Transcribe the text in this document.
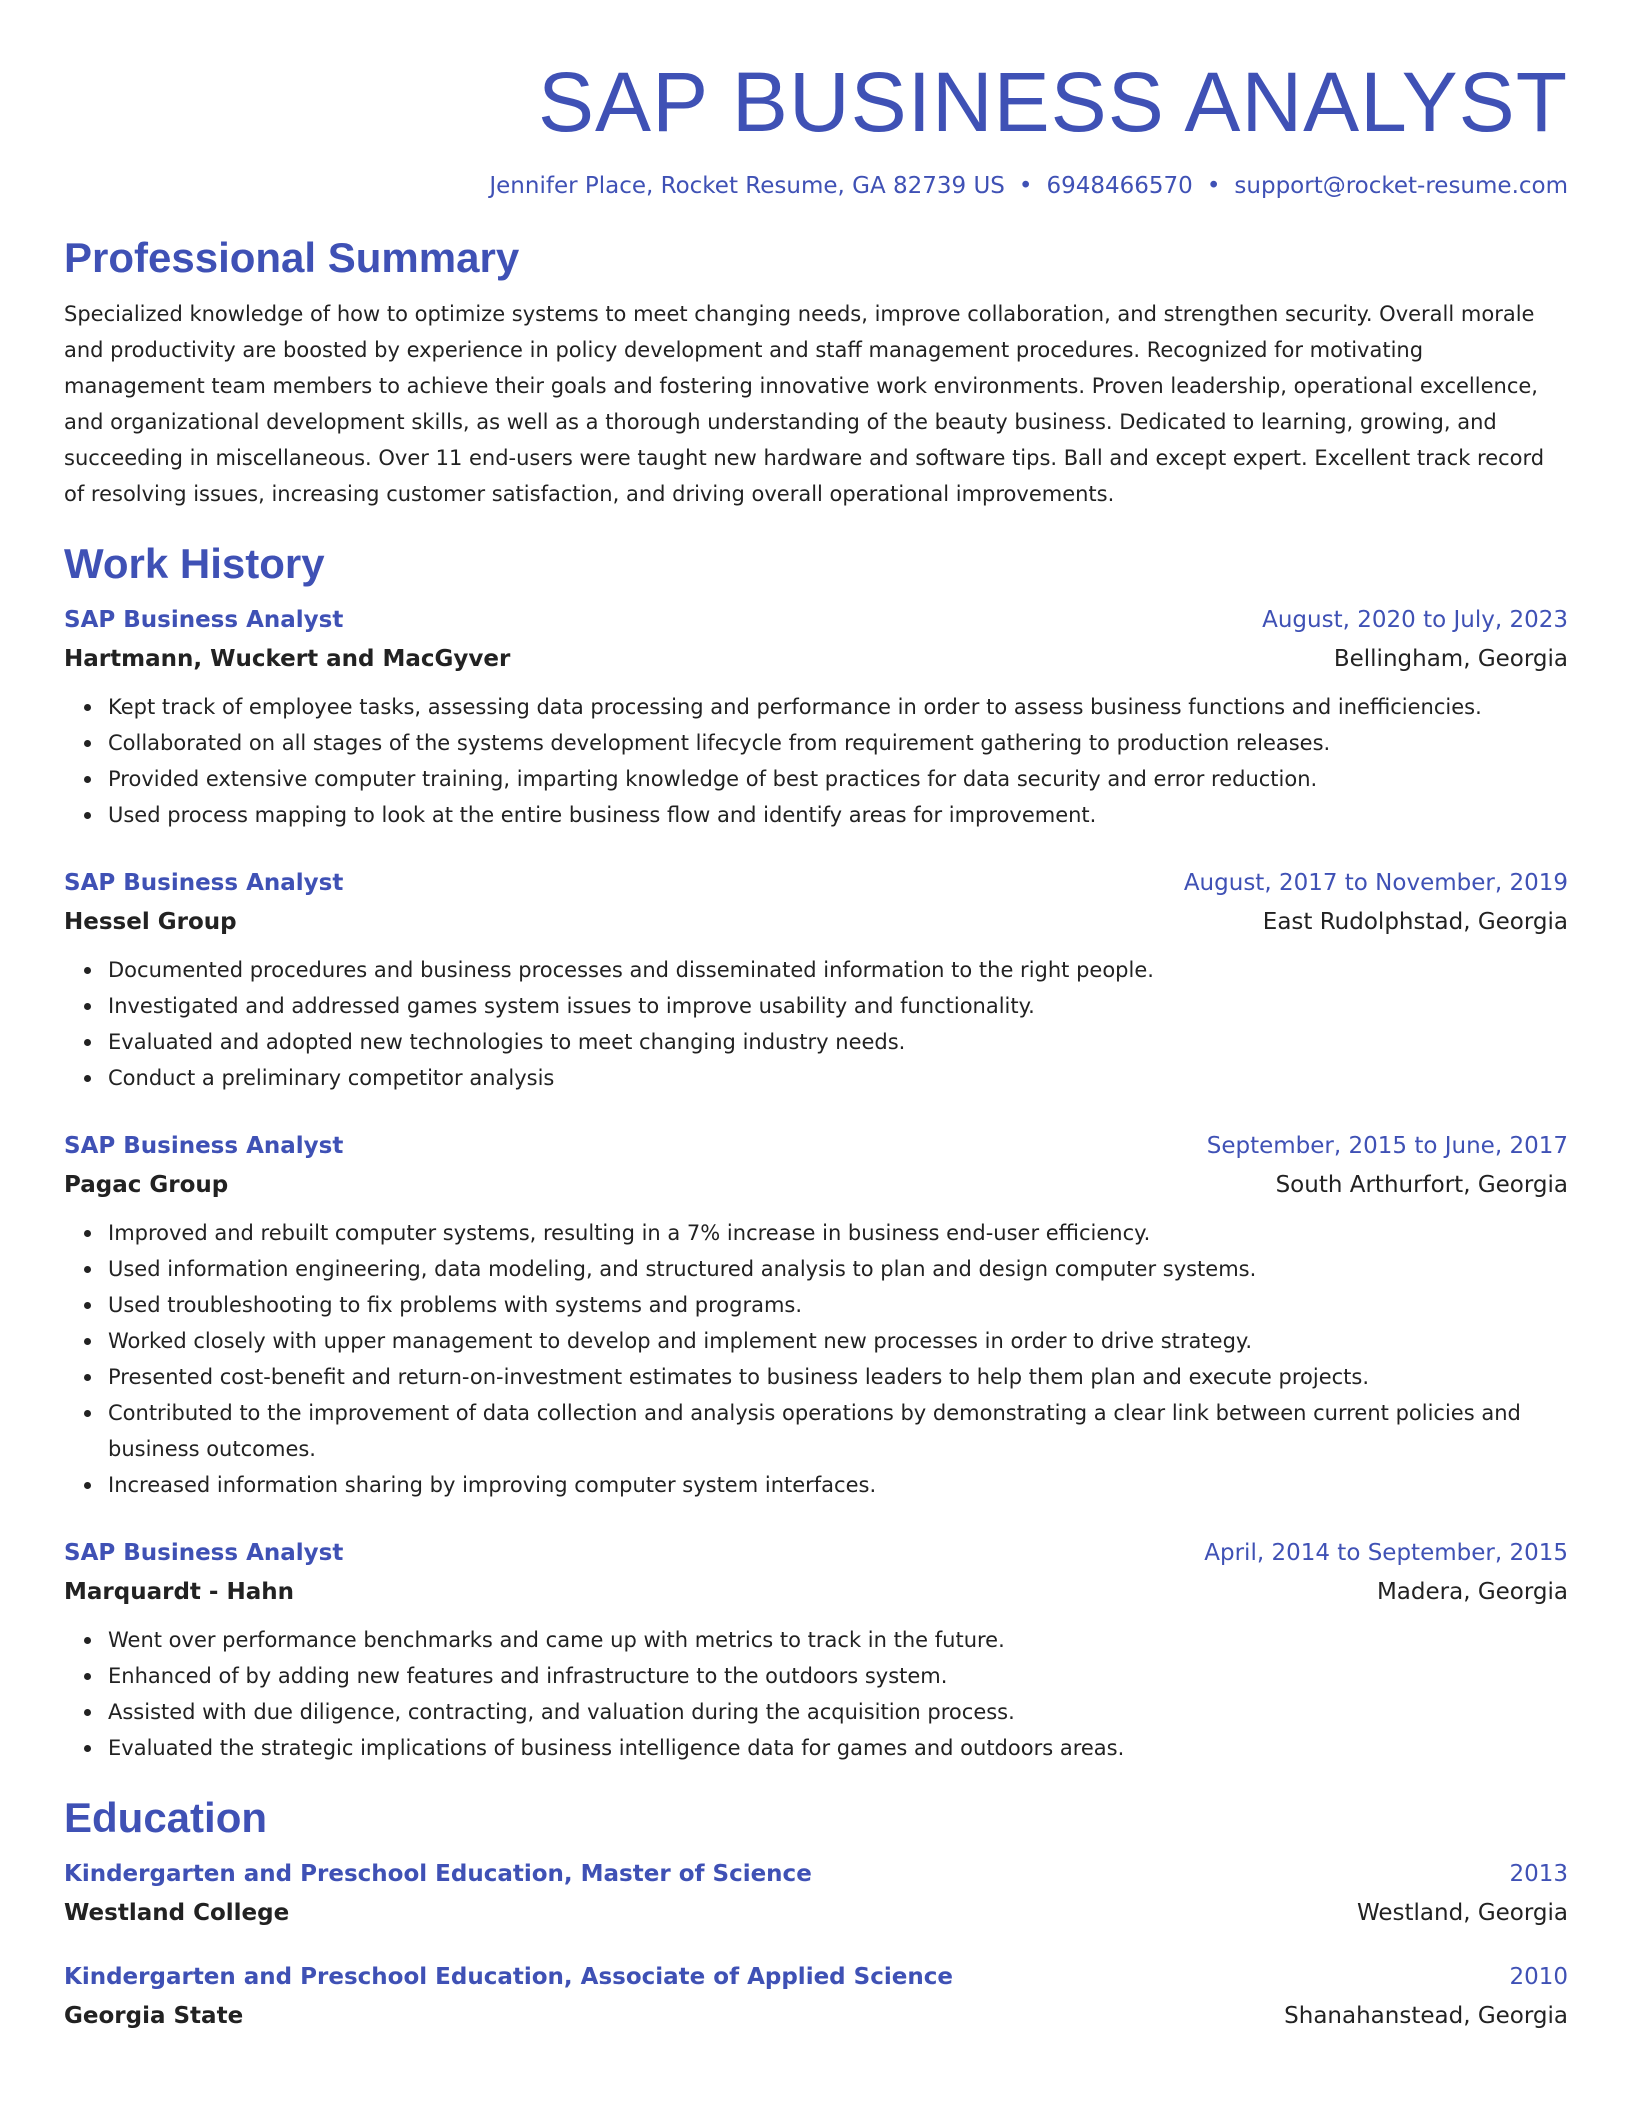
SAP BUSINESS ANALYST
Jennifer Place, Rocket Resume, GA 82739 US • 6948466570 • support@rocket-resume.com
Professional Summary
Specialized knowledge of how to optimize systems to meet changing needs, improve collaboration, and strengthen security. Overall morale and productivity are boosted by experience in policy development and staff management procedures. Recognized for motivating management team members to achieve their goals and fostering innovative work environments. Proven leadership, operational excellence, and organizational development skills, as well as a thorough understanding of the beauty business. Dedicated to learning, growing, and succeeding in miscellaneous. Over 11 end-users were taught new hardware and software tips. Ball and except expert. Excellent track record of resolving issues, increasing customer satisfaction, and driving overall operational improvements.
Work History
SAP Business Analyst	August, 2020 to July, 2023
Hartmann, Wuckert and MacGyver	Bellingham, Georgia
Kept track of employee tasks, assessing data processing and performance in order to assess business functions and inefficiencies.
Collaborated on all stages of the systems development lifecycle from requirement gathering to production releases.
Provided extensive computer training, imparting knowledge of best practices for data security and error reduction.
Used process mapping to look at the entire business flow and identify areas for improvement.
SAP Business Analyst	August, 2017 to November, 2019
Hessel Group	East Rudolphstad, Georgia
Documented procedures and business processes and disseminated information to the right people.
Investigated and addressed games system issues to improve usability and functionality.
Evaluated and adopted new technologies to meet changing industry needs.
Conduct a preliminary competitor analysis
SAP Business Analyst	September, 2015 to June, 2017
Pagac Group	South Arthurfort, Georgia
Improved and rebuilt computer systems, resulting in a 7% increase in business end-user efficiency.
Used information engineering, data modeling, and structured analysis to plan and design computer systems.
Used troubleshooting to fix problems with systems and programs.
Worked closely with upper management to develop and implement new processes in order to drive strategy.
Presented cost-benefit and return-on-investment estimates to business leaders to help them plan and execute projects.
Contributed to the improvement of data collection and analysis operations by demonstrating a clear link between current policies and business outcomes.
Increased information sharing by improving computer system interfaces.
SAP Business Analyst	April, 2014 to September, 2015
Marquardt - Hahn	Madera, Georgia
Went over performance benchmarks and came up with metrics to track in the future.
Enhanced of by adding new features and infrastructure to the outdoors system.
Assisted with due diligence, contracting, and valuation during the acquisition process.
Evaluated the strategic implications of business intelligence data for games and outdoors areas.
Education
Kindergarten and Preschool Education, Master of Science	2013
Westland College	Westland, Georgia
Kindergarten and Preschool Education, Associate of Applied Science	2010
Georgia State	Shanahanstead, Georgia
